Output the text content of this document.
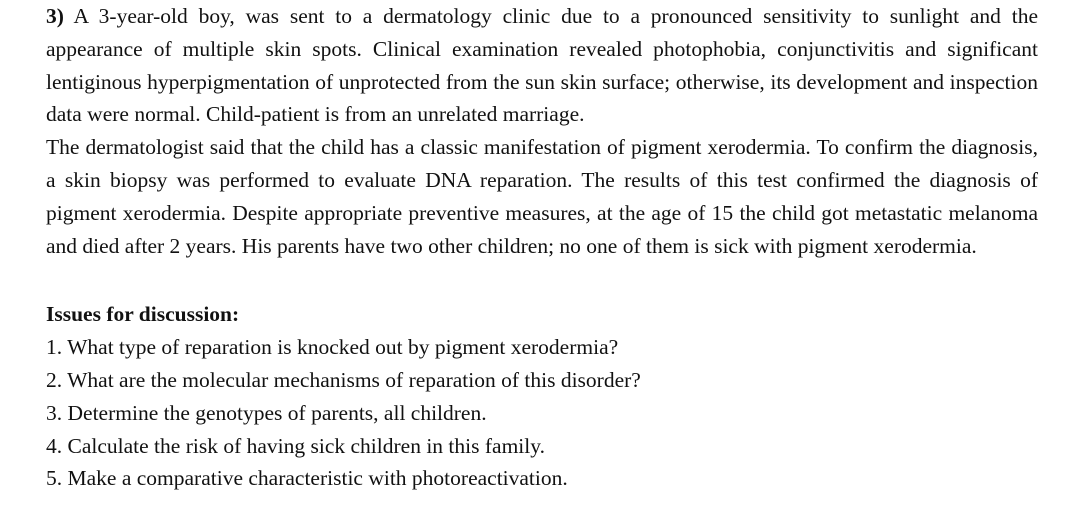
3) A 3-year-old boy, was sent to a dermatology clinic due to a pronounced sensitivity to sunlight and the appearance of multiple skin spots. Clinical examination revealed photophobia, conjunctivitis and significant lentiginous hyperpigmentation of unprotected from the sun skin surface; otherwise, its development and inspection data were normal. Child-patient is from an unrelated marriage.

The dermatologist said that the child has a classic manifestation of pigment xerodermia. To confirm the diagnosis, a skin biopsy was performed to evaluate DNA reparation. The results of this test confirmed the diagnosis of pigment xerodermia. Despite appropriate preventive measures, at the age of 15 the child got metastatic melanoma and died after 2 years. His parents have two other children; no one of them is sick with pigment xerodermia.

Issues for discussion:

1. What type of reparation is knocked out by pigment xerodermia?
2. What are the molecular mechanisms of reparation of this disorder?
3. Determine the genotypes of parents, all children.
4. Calculate the risk of having sick children in this family.
5. Make a comparative characteristic with photoreactivation.
